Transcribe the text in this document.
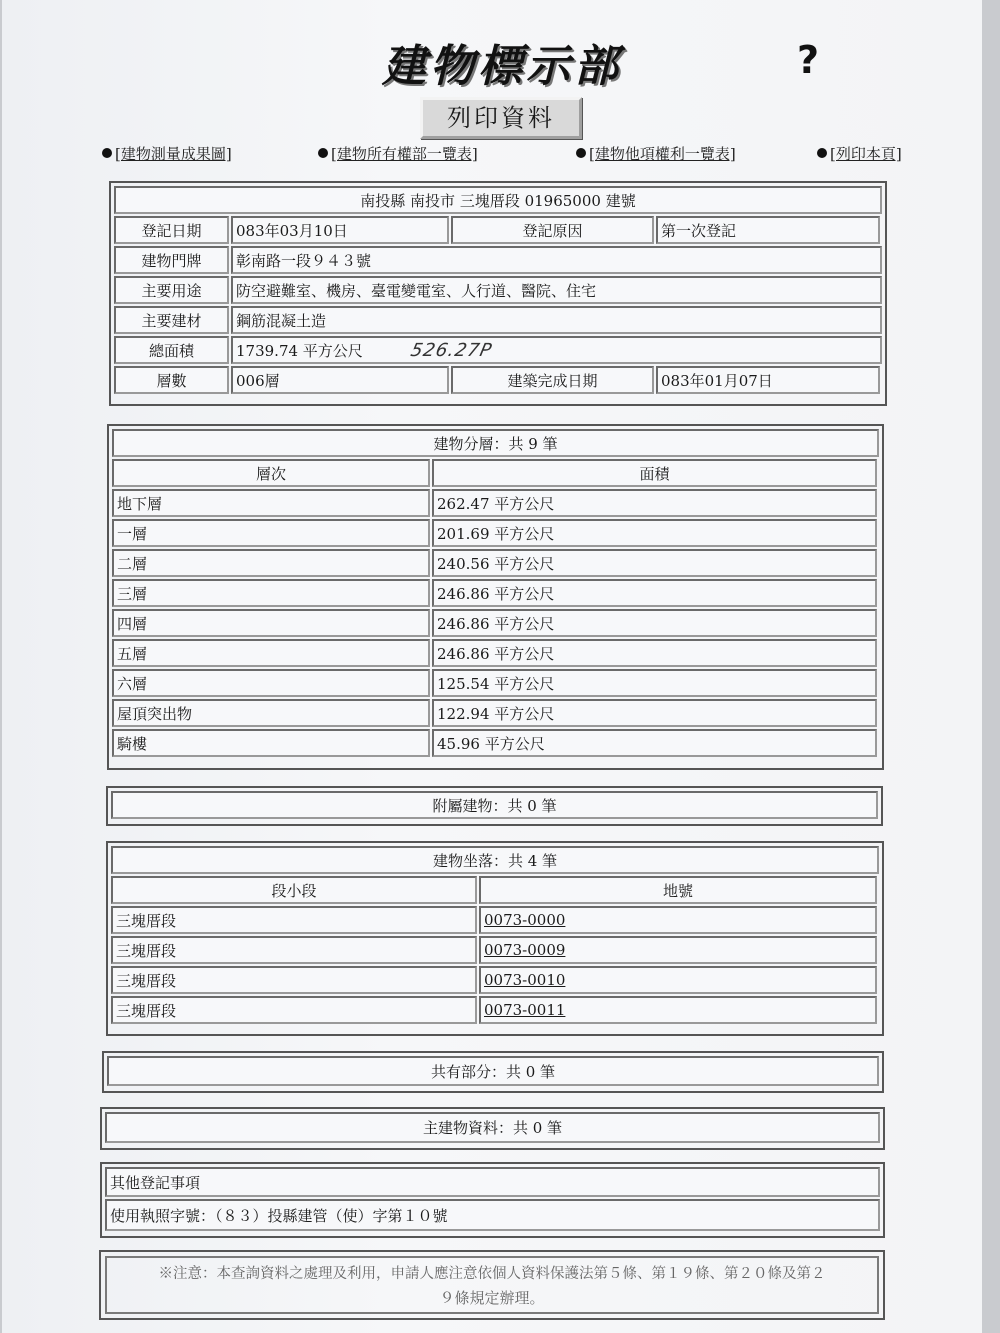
建物標示部	?
列印資料
[建物測量成果圖]	[建物所有權部一覽表]	[建物他項權利一覽表]	[列印本頁]
南投縣 南投市 三塊厝段 01965000 建號
登記日期	083年03月10日	登記原因	第一次登記
建物門牌	彰南路一段９４３號
主要用途	防空避難室、機房、臺電變電室、人行道、醫院、住宅
主要建材	鋼筋混凝土造
總面積	1739.74 平方公尺	526.27P
層數	006層	建築完成日期	083年01月07日
建物分層：共 9 筆
層次	面積
地下層	262.47 平方公尺
一層	201.69 平方公尺
二層	240.56 平方公尺
三層	246.86 平方公尺
四層	246.86 平方公尺
五層	246.86 平方公尺
六層	125.54 平方公尺
屋頂突出物	122.94 平方公尺
騎樓	45.96 平方公尺
附屬建物：共 0 筆
建物坐落：共 4 筆
段小段	地號
三塊厝段	0073-0000
三塊厝段	0073-0009
三塊厝段	0073-0010
三塊厝段	0073-0011
共有部分：共 0 筆
主建物資料：共 0 筆
其他登記事項
使用執照字號：（８３）投縣建管（使）字第１０號
※注意：本查詢資料之處理及利用，申請人應注意依個人資料保護法第５條、第１９條、第２０條及第２
９條規定辦理。
